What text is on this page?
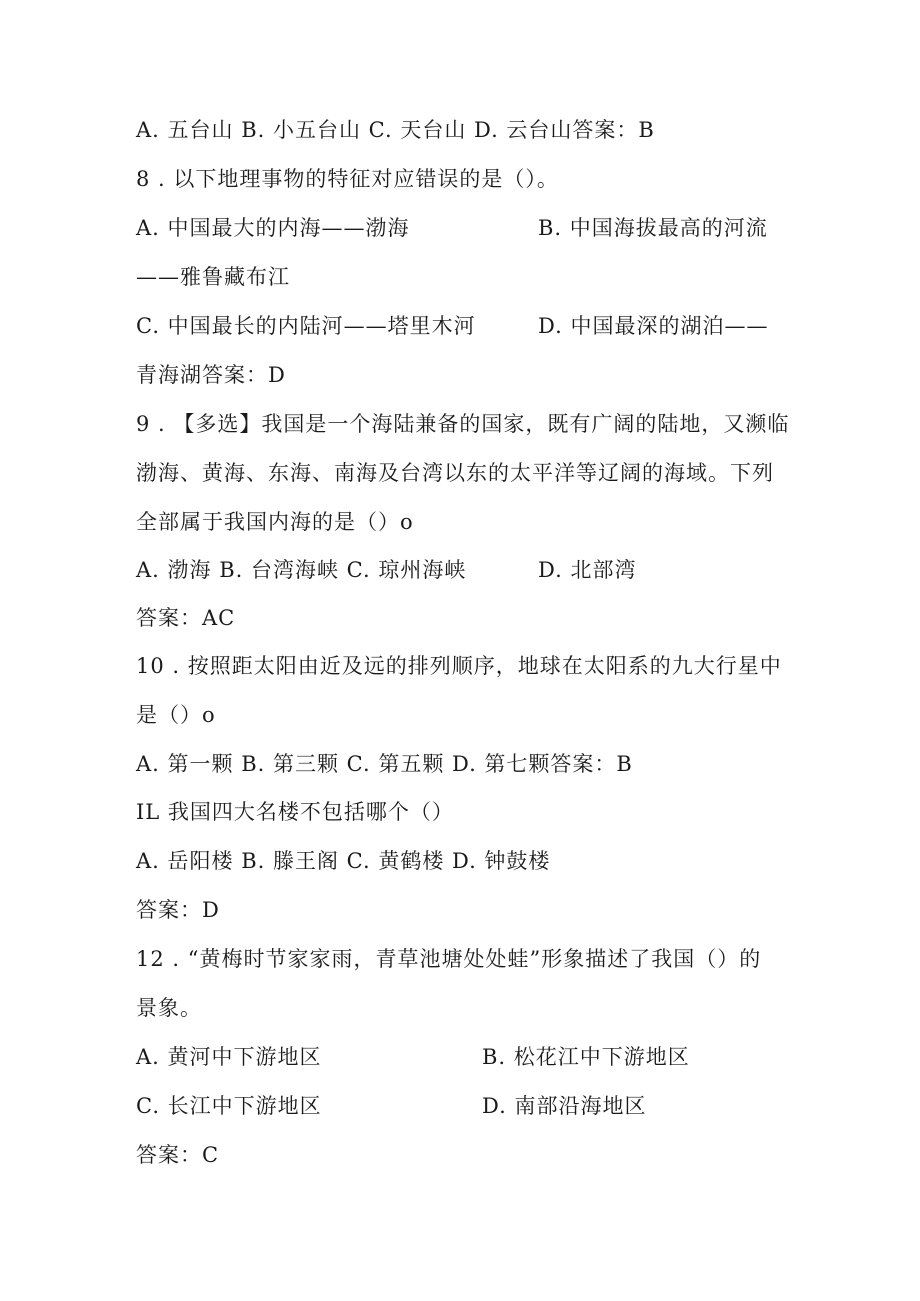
A. 五台山 B. 小五台山 C. 天台山 D. 云台山答案：B
8 . 以下地理事物的特征对应错误的是（）。
A. 中国最大的内海——渤海	B. 中国海拔最高的河流
——雅鲁藏布江
C. 中国最长的内陆河——塔里木河	D. 中国最深的湖泊——
青海湖答案：D
9 . 【多选】我国是一个海陆兼备的国家，既有广阔的陆地，又濒临
渤海、黄海、东海、南海及台湾以东的太平洋等辽阔的海域。下列
全部属于我国内海的是（）o
A. 渤海 B. 台湾海峡 C. 琼州海峡	D. 北部湾
答案：AC
10 . 按照距太阳由近及远的排列顺序，地球在太阳系的九大行星中
是（）o
A. 第一颗 B. 第三颗 C. 第五颗 D. 第七颗答案：B
IL 我国四大名楼不包括哪个（）
A. 岳阳楼 B. 滕王阁 C. 黄鹤楼 D. 钟鼓楼
答案：D
12 . “黄梅时节家家雨，青草池塘处处蛙”形象描述了我国（）的
景象。
A. 黄河中下游地区	B. 松花江中下游地区
C. 长江中下游地区	D. 南部沿海地区
答案：C
